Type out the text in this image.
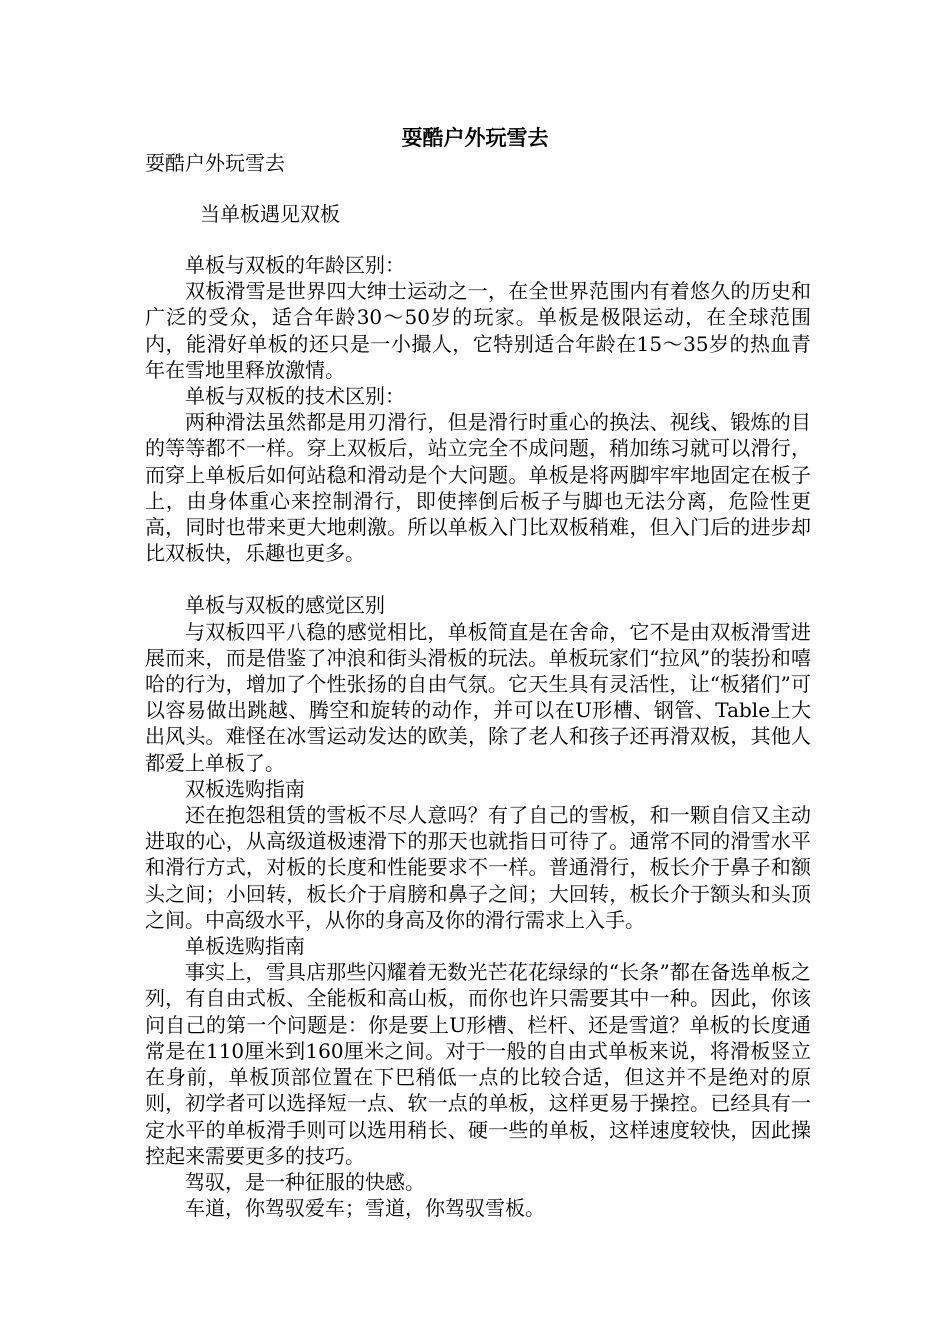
耍酷户外玩雪去
耍酷户外玩雪去
当单板遇见双板

单板与双板的年龄区别：

双板滑雪是世界四大绅士运动之一，在全世界范围内有着悠久的历史和广泛的受众，适合年龄30～50岁的玩家。单板是极限运动，在全球范围内，能滑好单板的还只是一小撮人，它特别适合年龄在15～35岁的热血青年在雪地里释放激情。

单板与双板的技术区别：

两种滑法虽然都是用刃滑行，但是滑行时重心的换法、视线、锻炼的目的等等都不一样。穿上双板后，站立完全不成问题，稍加练习就可以滑行，而穿上单板后如何站稳和滑动是个大问题。单板是将两脚牢牢地固定在板子上，由身体重心来控制滑行，即使摔倒后板子与脚也无法分离，危险性更高，同时也带来更大地刺激。所以单板入门比双板稍难，但入门后的进步却比双板快，乐趣也更多。

单板与双板的感觉区别

与双板四平八稳的感觉相比，单板简直是在舍命，它不是由双板滑雪进展而来，而是借鉴了冲浪和街头滑板的玩法。单板玩家们“拉风”的装扮和嘻哈的行为，增加了个性张扬的自由气氛。它天生具有灵活性，让“板猪们”可以容易做出跳越、腾空和旋转的动作，并可以在U形槽、钢管、Table上大出风头。难怪在冰雪运动发达的欧美，除了老人和孩子还再滑双板，其他人都爱上单板了。

双板选购指南

还在抱怨租赁的雪板不尽人意吗？有了自己的雪板，和一颗自信又主动进取的心，从高级道极速滑下的那天也就指日可待了。通常不同的滑雪水平和滑行方式，对板的长度和性能要求不一样。普通滑行，板长介于鼻子和额头之间；小回转，板长介于肩膀和鼻子之间；大回转，板长介于额头和头顶之间。中高级水平，从你的身高及你的滑行需求上入手。

单板选购指南

事实上，雪具店那些闪耀着无数光芒花花绿绿的“长条”都在备选单板之列，有自由式板、全能板和高山板，而你也许只需要其中一种。因此，你该问自己的第一个问题是：你是要上U形槽、栏杆、还是雪道？单板的长度通常是在110厘米到160厘米之间。对于一般的自由式单板来说，将滑板竖立在身前，单板顶部位置在下巴稍低一点的比较合适，但这并不是绝对的原则，初学者可以选择短一点、软一点的单板，这样更易于操控。已经具有一定水平的单板滑手则可以选用稍长、硬一些的单板，这样速度较快，因此操控起来需要更多的技巧。

驾驭，是一种征服的快感。

车道，你驾驭爱车；雪道，你驾驭雪板。
